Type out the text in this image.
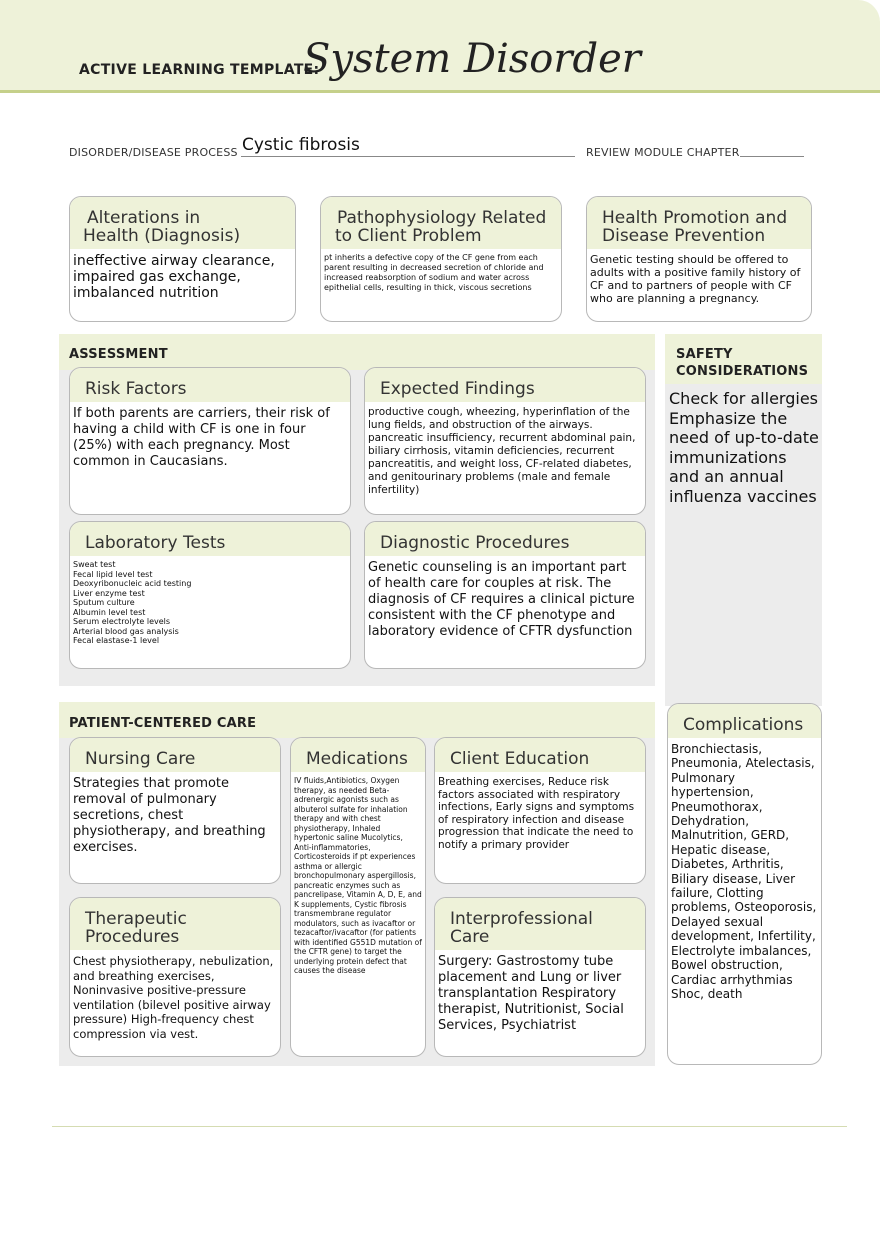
ACTIVE LEARNING TEMPLATE:
System Disorder
DISORDER/DISEASE PROCESS Cystic fibrosis	REVIEW MODULE CHAPTER
Alterations in
Health (Diagnosis)
ineffective airway clearance, impaired gas exchange, imbalanced nutrition
Pathophysiology Related
to Client Problem
pt inherits a defective copy of the CF gene from each parent resulting in decreased secretion of chloride and increased reabsorption of sodium and water across epithelial cells, resulting in thick, viscous secretions
Health Promotion and
Disease Prevention
Genetic testing should be offered to adults with a positive family history of CF and to partners of people with CF who are planning a pregnancy.
ASSESSMENT
Risk Factors
If both parents are carriers, their risk of having a child with CF is one in four (25%) with each pregnancy. Most common in Caucasians.
Expected Findings
productive cough, wheezing, hyperinflation of the lung fields, and obstruction of the airways. pancreatic insufficiency, recurrent abdominal pain, biliary cirrhosis, vitamin deficiencies, recurrent pancreatitis, and weight loss, CF-related diabetes, and genitourinary problems (male and female infertility)
Laboratory Tests
Sweat test
Fecal lipid level test
Deoxyribonucleic acid testing
Liver enzyme test
Sputum culture
Albumin level test
Serum electrolyte levels
Arterial blood gas analysis
Fecal elastase-1 level
Diagnostic Procedures
Genetic counseling is an important part of health care for couples at risk. The diagnosis of CF requires a clinical picture consistent with the CF phenotype and laboratory evidence of CFTR dysfunction
SAFETY
CONSIDERATIONS
Check for allergies Emphasize the need of up-to-date immunizations and an annual influenza vaccines
PATIENT-CENTERED CARE
Nursing Care
Strategies that promote removal of pulmonary secretions, chest physiotherapy, and breathing exercises.
Medications
IV fluids,Antibiotics, Oxygen therapy, as needed Beta-adrenergic agonists such as albuterol sulfate for inhalation therapy and with chest physiotherapy, Inhaled hypertonic saline Mucolytics, Anti-inflammatories, Corticosteroids if pt experiences asthma or allergic bronchopulmonary aspergillosis, pancreatic enzymes such as pancrelipase, Vitamin A, D, E, and K supplements, Cystic fibrosis transmembrane regulator modulators, such as ivacaftor or tezacaftor/ivacaftor (for patients with identified G551D mutation of the CFTR gene) to target the underlying protein defect that causes the disease
Client Education
Breathing exercises, Reduce risk factors associated with respiratory infections, Early signs and symptoms of respiratory infection and disease progression that indicate the need to notify a primary provider
Therapeutic Procedures
Chest physiotherapy, nebulization, and breathing exercises, Noninvasive positive-pressure ventilation (bilevel positive airway pressure) High-frequency chest compression via vest.
Interprofessional Care
Surgery: Gastrostomy tube placement and Lung or liver transplantation Respiratory therapist, Nutritionist, Social Services, Psychiatrist
Complications
Bronchiectasis, Pneumonia, Atelectasis, Pulmonary hypertension, Pneumothorax, Dehydration, Malnutrition, GERD, Hepatic disease, Diabetes, Arthritis, Biliary disease, Liver failure, Clotting problems, Osteoporosis, Delayed sexual development, Infertility, Electrolyte imbalances, Bowel obstruction, Cardiac arrhythmias Shoc, death
